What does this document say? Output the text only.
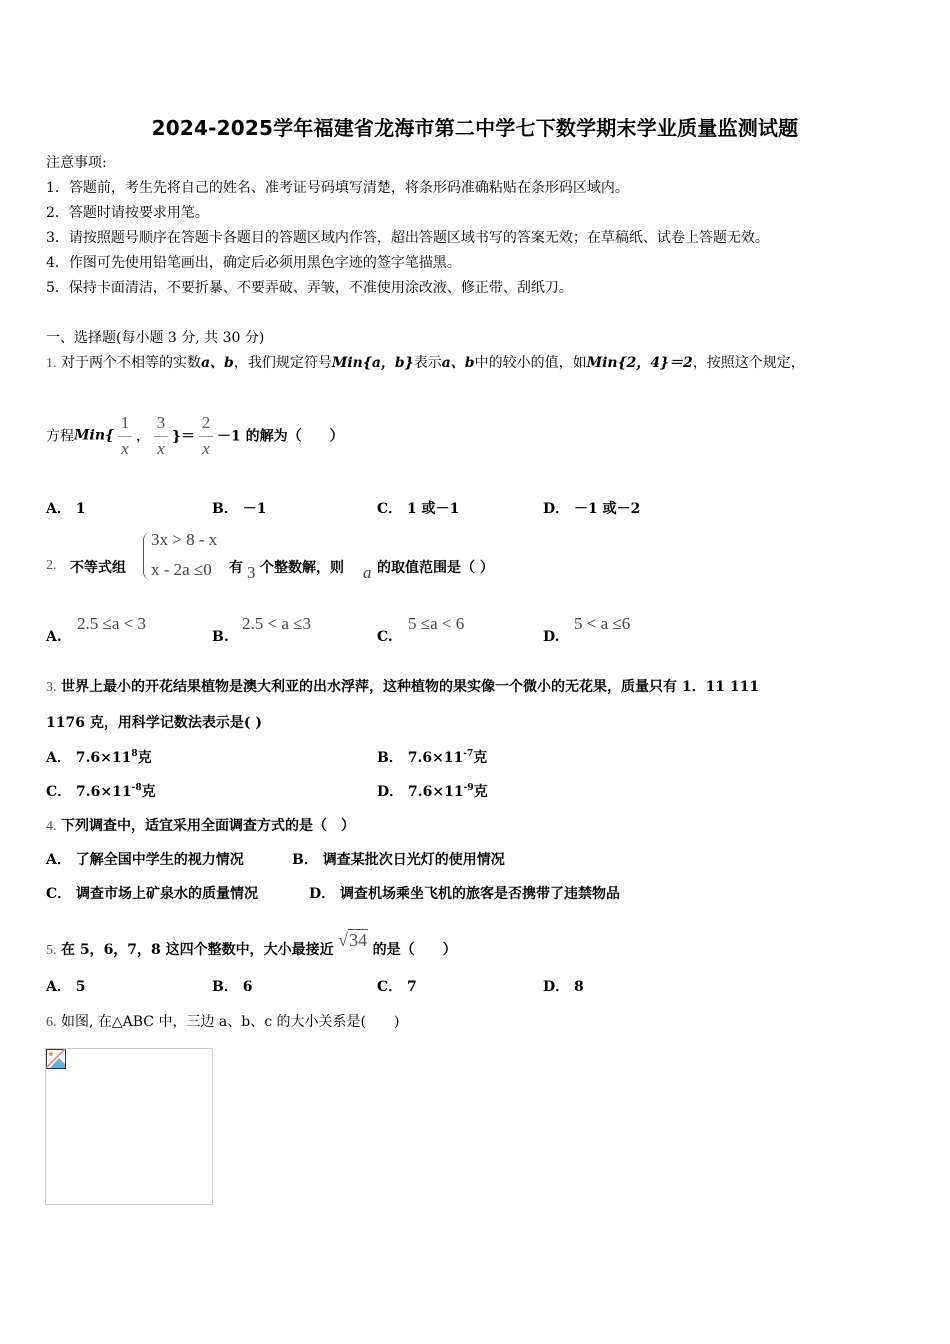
2024-2025学年福建省龙海市第二中学七下数学期末学业质量监测试题
注意事项:
1．答题前，考生先将自己的姓名、准考证号码填写清楚，将条形码准确粘贴在条形码区域内。
2．答题时请按要求用笔。
3．请按照题号顺序在答题卡各题目的答题区域内作答，超出答题区域书写的答案无效；在草稿纸、试卷上答题无效。
4．作图可先使用铅笔画出，确定后必须用黑色字迹的签字笔描黑。
5．保持卡面清洁，不要折暴、不要弄破、弄皱，不准使用涂改液、修正带、刮纸刀。
一、选择题(每小题 3 分, 共 30 分)
1. 对于两个不相等的实数a、b，我们规定符号Min{a，b}表示a、b中的较小的值，如Min{2，4}＝2，按照这个规定，
方程$Min\{ \frac{1}{x}$ ， $\frac{3}{x}$ }＝ $\frac{2}{x} -1$ 的解为（　　）
A． 1	B． －1	C． 1 或－1	D． －1 或－2
2. 不等式组
3x > 8 - x
x - 2a ≤0 有 3 个整数解，则 a 的取值范围是（ ）
A.
2.5 ≤a < 3
B.
2.5 < a ≤3
C.
5 ≤a < 6
D.
5 < a ≤6
3. 世界上最小的开花结果植物是澳大利亚的出水浮萍，这种植物的果实像一个微小的无花果，质量只有 1．11 111
1176 克，用科学记数法表示是( )
A． $7.6\times 11^8$克	B． $7.6\times 11^{-7}$克
C． $7.6\times 11^{-8}$克	D． $7.6\times 11^{-9}$克
4. 下列调查中，适宜采用全面调查方式的是（　）
A． 了解全国中学生的视力情况	B． 调查某批次日光灯的使用情况
C． 调查市场上矿泉水的质量情况	D． 调查机场乘坐飞机的旅客是否携带了违禁物品
5. 在 5，6，7，8 这四个整数中，大小最接近 √ 34 的是（　　）
A． 5	B． 6	C． 7	D． 8
6. 如图, 在△ABC 中，三边 a、b、c 的大小关系是(　　)
